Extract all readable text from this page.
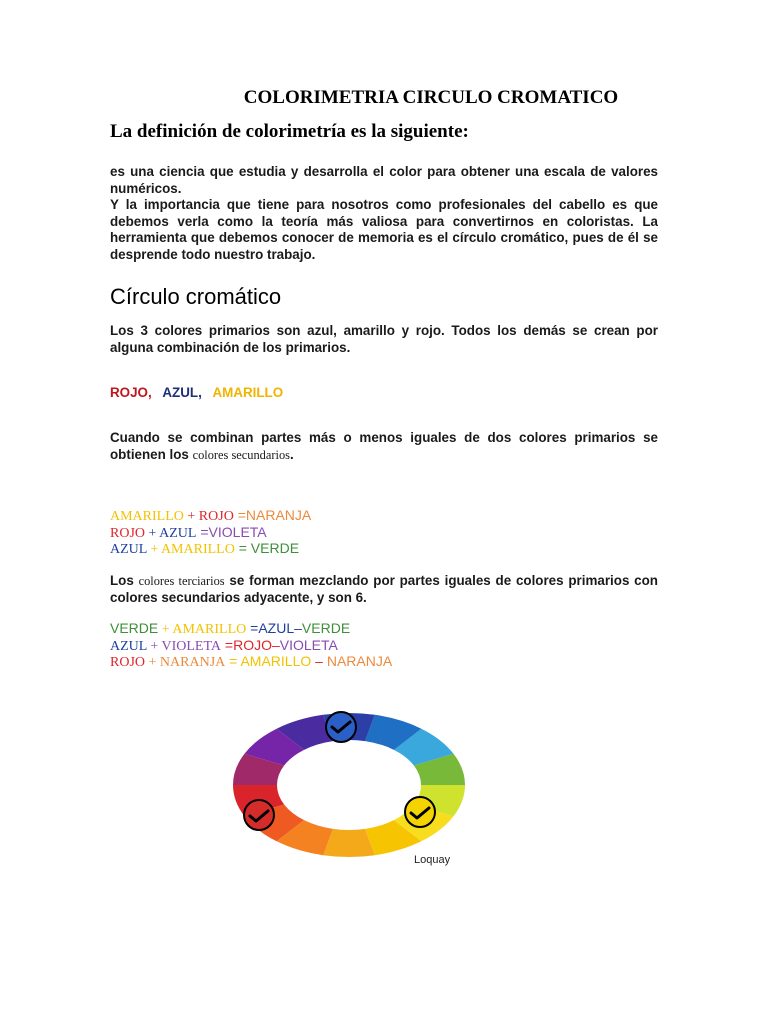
COLORIMETRIA CIRCULO CROMATICO
La definición de colorimetría es la siguiente:

es una ciencia que estudia y desarrolla el color para obtener una escala de valores numéricos.

Y la importancia que tiene para nosotros como profesionales del cabello es que debemos verla como la teoría más valiosa para convertirnos en coloristas. La herramienta que debemos conocer de memoria es el círculo cromático, pues de él se desprende todo nuestro trabajo.

Círculo cromático
Los 3 colores primarios son azul, amarillo y rojo. Todos los demás se crean por alguna combinación de los primarios.
ROJO, AZUL, AMARILLO
Cuando se combinan partes más o menos iguales de dos colores primarios se obtienen los colores secundarios.
AMARILLO + ROJO =NARANJA
ROJO + AZUL =VIOLETA
AZUL + AMARILLO = VERDE
Los colores terciarios se forman mezclando por partes iguales de colores primarios con colores secundarios adyacente, y son 6.
VERDE + AMARILLO =AZUL–VERDE
AZUL + VIOLETA =ROJO–VIOLETA
ROJO + NARANJA = AMARILLO – NARANJA
Loquay
